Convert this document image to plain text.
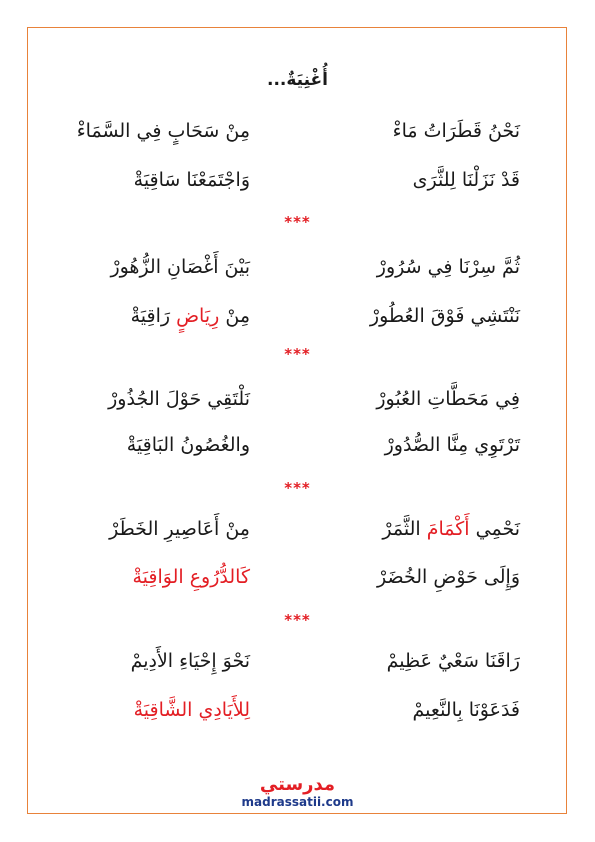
أُغْنِيَةٌ...
نَحْنُ قَطَرَاتُ مَاءْ
مِنْ سَحَابٍ فِي السَّمَاءْ
قَدْ نَزَلْنَا لِلثَّرَى
وَاجْتَمَعْنَا سَاقِيَةْ
***
ثُمَّ سِرْنَا فِي سُرُورْ
بَيْنَ أَغْصَانِ الزُّهُورْ
نَنْتَشِي فَوْقَ العُطُورْ
مِنْ رِيَاضٍ رَاقِيَةْ
***
فِي مَحَطَّاتِ العُبُورْ
نَلْتَقِي حَوْلَ الجُذُورْ
تَرْتَوِي مِنَّا الصُّدُورْ
والغُصُونُ البَاقِيَةْ
***
نَحْمِي أَكْمَامَ الثَّمَرْ
مِنْ أَعَاصِيرِ الخَطَرْ
وَإِلَى حَوْضِ الخُضَرْ
كَالدُّرُوعِ الوَاقِيَةْ
***
رَاقَنَا سَعْيٌ عَظِيمْ
نَحْوَ إِحْيَاءِ الأَدِيمْ
فَدَعَوْنَا بِالنَّعِيمْ
لِلأَيَادِي الشَّاقِيَةْ
مدرستي
madrassatii.com
